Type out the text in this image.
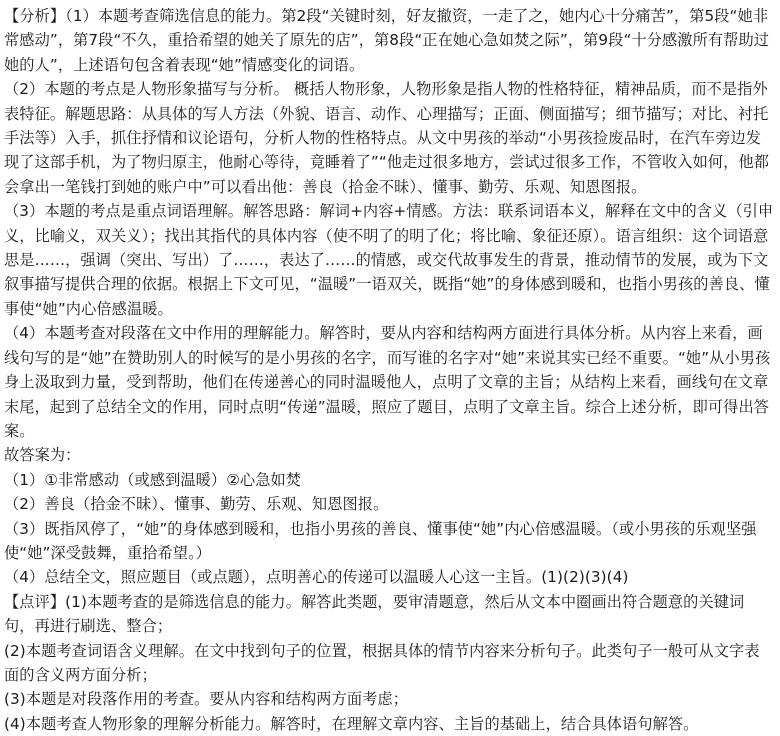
【分析】（1）本题考查筛选信息的能力。第2段“关键时刻，好友撤资，一走了之，她内心十分痛苦”，第5段“她非常感动”，第7段“不久，重拾希望的她关了原先的店”，第8段“正在她心急如焚之际”，第9段“十分感激所有帮助过她的人”，上述语句包含着表现“她”情感变化的词语。

（2）本题的考点是人物形象描写与分析。 概括人物形象，人物形象是指人物的性格特征，精神品质，而不是指外表特征。解题思路：从具体的写人方法（外貌、语言、动作、心理描写；正面、侧面描写；细节描写；对比、衬托手法等）入手，抓住抒情和议论语句，分析人物的性格特点。从文中男孩的举动“小男孩捡废品时，在汽车旁边发现了这部手机，为了物归原主，他耐心等待，竟睡着了”“他走过很多地方，尝试过很多工作，不管收入如何，他都会拿出一笔钱打到她的账户中”可以看出他：善良（拾金不昧）、懂事、勤劳、乐观、知恩图报。

（3）本题的考点是重点词语理解。解答思路：解词+内容+情感。方法：联系词语本义，解释在文中的含义（引申义，比喻义，双关义）；找出其指代的具体内容（使不明了的明了化；将比喻、象征还原）。语言组织：这个词语意思是……，强调（突出、写出）了……，表达了……的情感，或交代故事发生的背景，推动情节的发展，或为下文叙事描写提供合理的依据。根据上下文可见，“温暖”一语双关，既指“她”的身体感到暖和，也指小男孩的善良、懂事使“她”内心倍感温暖。

（4）本题考查对段落在文中作用的理解能力。解答时，要从内容和结构两方面进行具体分析。从内容上来看，画线句写的是“她”在赞助别人的时候写的是小男孩的名字，而写谁的名字对“她”来说其实已经不重要。“她”从小男孩身上汲取到力量，受到帮助，他们在传递善心的同时温暖他人，点明了文章的主旨；从结构上来看，画线句在文章末尾，起到了总结全文的作用，同时点明“传递”温暖，照应了题目，点明了文章主旨。综合上述分析，即可得出答案。

故答案为：

（1）①非常感动（或感到温暖）②心急如焚

（2）善良（拾金不昧）、懂事、勤劳、乐观、知恩图报。

（3）既指风停了，“她”的身体感到暖和，也指小男孩的善良、懂事使“她”内心倍感温暖。（或小男孩的乐观坚强使“她”深受鼓舞，重拾希望。）

（4）总结全文，照应题目（或点题），点明善心的传递可以温暖人心这一主旨。(1)(2)(3)(4)

【点评】(1)本题考查的是筛选信息的能力。解答此类题，要审清题意，然后从文本中圈画出符合题意的关键词句，再进行刷选、整合；

(2)本题考查词语含义理解。在文中找到句子的位置，根据具体的情节内容来分析句子。此类句子一般可从文字表面的含义两方面分析；

(3)本题是对段落作用的考查。要从内容和结构两方面考虑；

(4)本题考查人物形象的理解分析能力。解答时，在理解文章内容、主旨的基础上，结合具体语句解答。
